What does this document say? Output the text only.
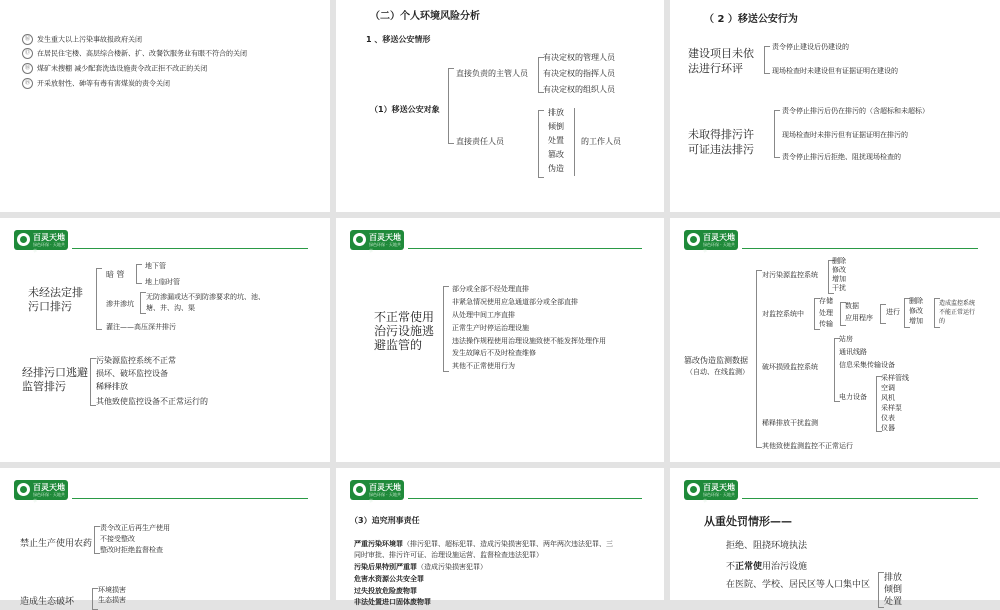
⑯ 发生重大以上污染事故报政府关闭
⑰ 在居民住宅楼、高层综合楼新、扩、改餐饮服务业有眼不符合的关闭
⑱ 煤矿未搜棚 减少配套洗选设施责令改正拒不改正的关闭
⑲ 开采放射性、砷等有毒有害煤炭的责令关闭
（二）个人环境风险分析
1 、移送公安情形
（1）移送公安对象
直接负责的主管人员
直接责任人员
有决定权的管理人员
有决定权的指挥人员
有决定权的组织人员
排放
倾倒
处置
篡改
伪造
的工作人员
（ 2 ）移送公安行为
建设项目未依
法进行环评
责令停止建设后仍建设的
现场检查时未建设但有证据证明在建设的
未取得排污许
可证违法排污
责令停止排污后仍在排污的（含超标和未超标）
现场检查时未排污但有证据证明在排污的
责令停止排污后拒绝、阻扰现场检查的
百灵天地
绿色环保 · 天地共享
未经法定排
污口排污
暗 管
地下管
地上临时管
渗井渗坑
无防渗漏或达不到防渗要求的坑、池、
塘、井、沟、渠
灌注——高压深井排污
经排污口逃避
监管排污
污染源监控系统不正常
损坏、破坏监控设备
稀释排放
其他致使监控设备不正常运行的
百灵天地
绿色环保 · 天地共享
不正常使用
治污设施逃
避监管的
部分或全部不经处理直排
非紧急情况使用应急通道部分或全部直排
从处理中间工序直排
正常生产时停运治理设施
违法操作规程使用治理设施致使不能发挥处理作用
发生故障后不及时检查维修
其他不正常使用行为
百灵天地
绿色环保 · 天地共享
篡改伪造监测数据
（自动、在线监测）
对污染源监控系统
删除
修改
增加
干扰
对监控系统中
存储
处理
传输
数据
应用程序
进行
删除
修改
增加
造成监控系统
不能正常运行
的
破坏损毁监控系统
站房
通讯线路
信息采集传输设备
电力设备
采样管线
空调
风机
采样泵
仪表
仪器
稀释排放干扰监测
其他致使监测监控不正常运行
百灵天地
绿色环保 · 天地共享
禁止生产使用农药
责令改正后再生产使用
不接受整改
整改时拒绝监督检查
造成生态破坏
环境损害
生态损害
百灵天地
绿色环保 · 天地共享
（3）追究刑事责任
严重污染环境罪（排污犯罪、超标犯罪、造成污染损害犯罪、两年两次违法犯罪、三
同时审批、排污许可证、治理设施运营、监督检查违法犯罪）
污染后果特别严重罪（造成污染损害犯罪）
危害水资源公共安全罪
过失投放危险废物罪
非法处置进口固体废物罪
百灵天地
绿色环保 · 天地共享
从重处罚情形——
拒绝、阻挠环境执法
不正常使用治污设施
在医院、学校、居民区等人口集中区
排放
倾倒
处置
